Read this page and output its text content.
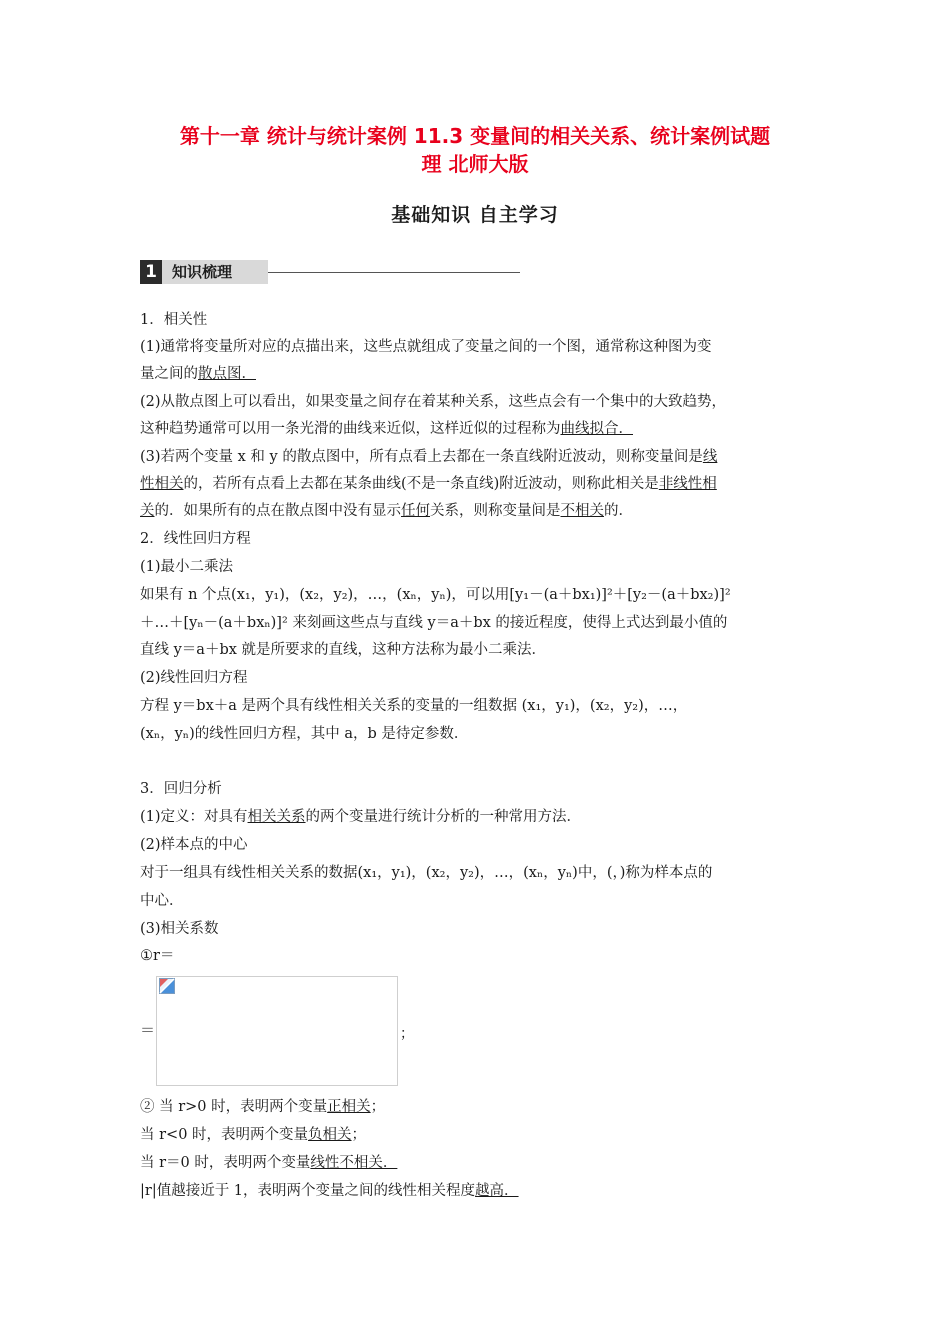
第十一章 统计与统计案例 11.3 变量间的相关关系、统计案例试题
理 北师大版
基础知识 自主学习
1	知识梳理
1．相关性
(1)通常将变量所对应的点描出来，这些点就组成了变量之间的一个图，通常称这种图为变
量之间的散点图．
(2)从散点图上可以看出，如果变量之间存在着某种关系，这些点会有一个集中的大致趋势，
这种趋势通常可以用一条光滑的曲线来近似，这样近似的过程称为曲线拟合．
(3)若两个变量 x 和 y 的散点图中，所有点看上去都在一条直线附近波动，则称变量间是线
性相关的，若所有点看上去都在某条曲线(不是一条直线)附近波动，则称此相关是非线性相
关的．如果所有的点在散点图中没有显示任何关系，则称变量间是不相关的．
2．线性回归方程
(1)最小二乘法
如果有 n 个点(x₁，y₁)，(x₂，y₂)，…，(xₙ，yₙ)，可以用[y₁－(a＋bx₁)]²＋[y₂－(a＋bx₂)]²
＋…＋[yₙ－(a＋bxₙ)]² 来刻画这些点与直线 y＝a＋bx 的接近程度，使得上式达到最小值的
直线 y＝a＋bx 就是所要求的直线，这种方法称为最小二乘法．
(2)线性回归方程
方程 y＝bx＋a 是两个具有线性相关关系的变量的一组数据 (x₁，y₁)，(x₂，y₂)，…，
(xₙ，yₙ)的线性回归方程，其中 a，b 是待定参数．
3．回归分析
(1)定义：对具有相关关系的两个变量进行统计分析的一种常用方法．
(2)样本点的中心
对于一组具有线性相关关系的数据(x₁，y₁)，(x₂，y₂)，…，(xₙ，yₙ)中，(，)称为样本点的
中心．
(3)相关系数
①r＝
＝	；
② 当 r>0 时，表明两个变量正相关；
当 r<0 时，表明两个变量负相关；
当 r＝0 时，表明两个变量线性不相关．
|r|值越接近于 1，表明两个变量之间的线性相关程度越高．
